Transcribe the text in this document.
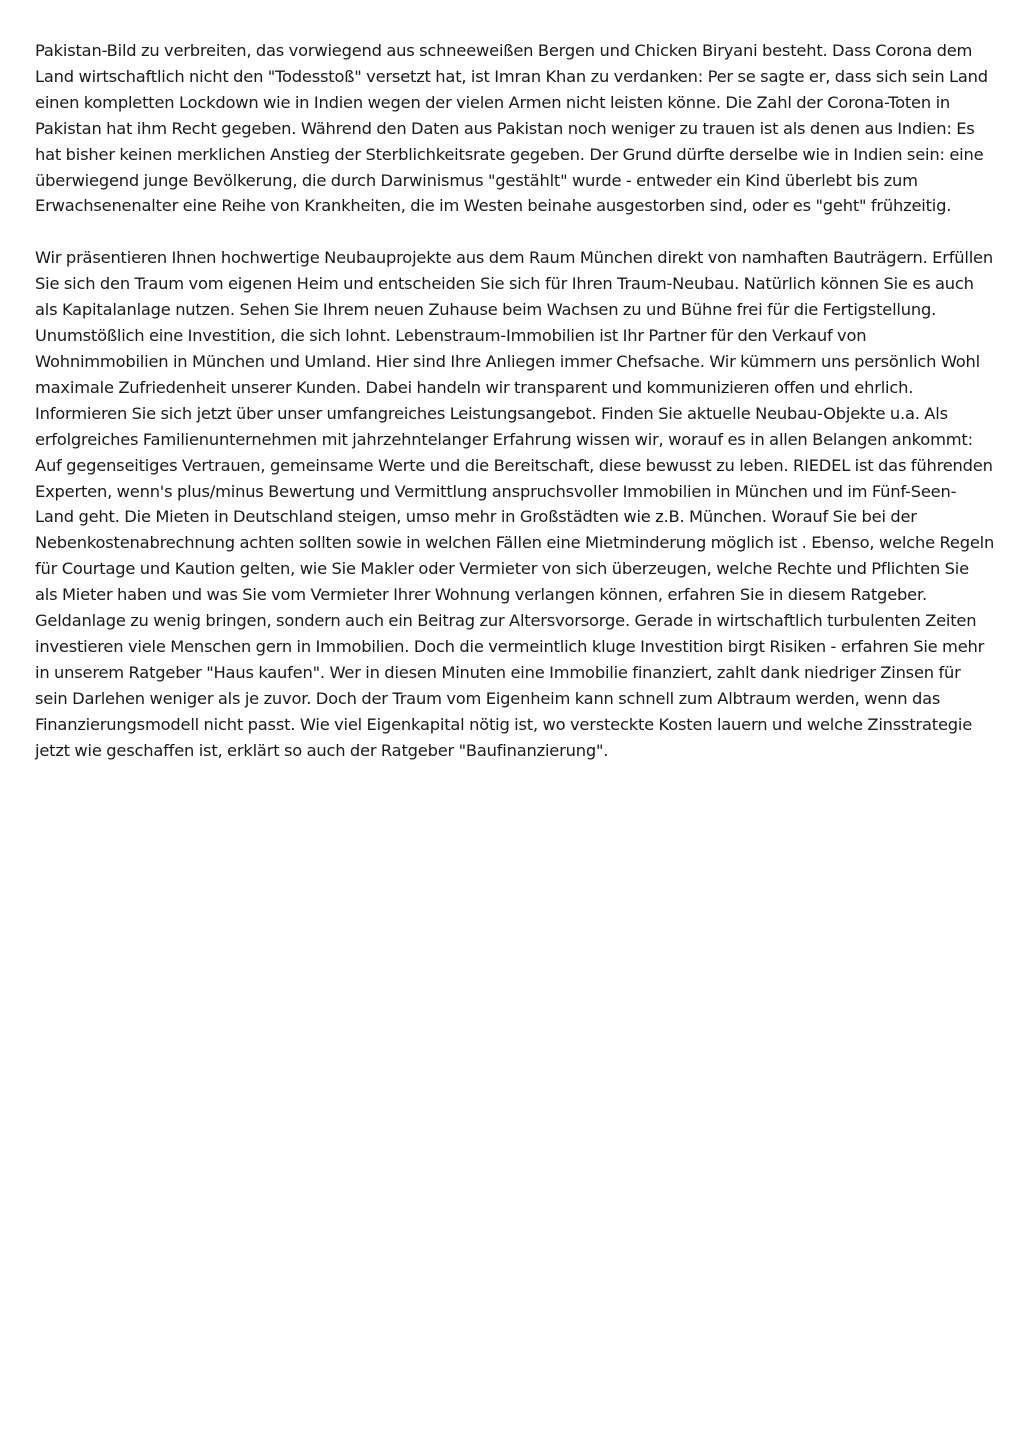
Pakistan-Bild zu verbreiten, das vorwiegend aus schneeweißen Bergen und Chicken Biryani besteht. Dass Corona dem Land wirtschaftlich nicht den "Todesstoß" versetzt hat, ist Imran Khan zu verdanken: Per se sagte er, dass sich sein Land einen kompletten Lockdown wie in Indien wegen der vielen Armen nicht leisten könne. Die Zahl der Corona-Toten in Pakistan hat ihm Recht gegeben. Während den Daten aus Pakistan noch weniger zu trauen ist als denen aus Indien: Es hat bisher keinen merklichen Anstieg der Sterblichkeitsrate gegeben. Der Grund dürfte derselbe wie in Indien sein: eine überwiegend junge Bevölkerung, die durch Darwinismus "gestählt" wurde - entweder ein Kind überlebt bis zum Erwachsenenalter eine Reihe von Krankheiten, die im Westen beinahe ausgestorben sind, oder es "geht" frühzeitig.

Wir präsentieren Ihnen hochwertige Neubauprojekte aus dem Raum München direkt von namhaften Bauträgern. Erfüllen Sie sich den Traum vom eigenen Heim und entscheiden Sie sich für Ihren Traum-Neubau. Natürlich können Sie es auch als Kapitalanlage nutzen. Sehen Sie Ihrem neuen Zuhause beim Wachsen zu und Bühne frei für die Fertigstellung. Unumstößlich eine Investition, die sich lohnt. Lebenstraum-Immobilien ist Ihr Partner für den Verkauf von Wohnimmobilien in München und Umland. Hier sind Ihre Anliegen immer Chefsache. Wir kümmern uns persönlich Wohl maximale Zufriedenheit unserer Kunden. Dabei handeln wir transparent und kommunizieren offen und ehrlich. Informieren Sie sich jetzt über unser umfangreiches Leistungsangebot. Finden Sie aktuelle Neubau-Objekte u.a. Als erfolgreiches Familienunternehmen mit jahrzehntelanger Erfahrung wissen wir, worauf es in allen Belangen ankommt: Auf gegenseitiges Vertrauen, gemeinsame Werte und die Bereitschaft, diese bewusst zu leben. RIEDEL ist das führenden Experten, wenn's plus/minus Bewertung und Vermittlung anspruchsvoller Immobilien in München und im Fünf-Seen-Land geht. Die Mieten in Deutschland steigen, umso mehr in Großstädten wie z.B. München. Worauf Sie bei der Nebenkostenabrechnung achten sollten sowie in welchen Fällen eine Mietminderung möglich ist . Ebenso, welche Regeln für Courtage und Kaution gelten, wie Sie Makler oder Vermieter von sich überzeugen, welche Rechte und Pflichten Sie als Mieter haben und was Sie vom Vermieter Ihrer Wohnung verlangen können, erfahren Sie in diesem Ratgeber. Geldanlage zu wenig bringen, sondern auch ein Beitrag zur Altersvorsorge. Gerade in wirtschaftlich turbulenten Zeiten investieren viele Menschen gern in Immobilien. Doch die vermeintlich kluge Investition birgt Risiken - erfahren Sie mehr in unserem Ratgeber "Haus kaufen". Wer in diesen Minuten eine Immobilie finanziert, zahlt dank niedriger Zinsen für sein Darlehen weniger als je zuvor. Doch der Traum vom Eigenheim kann schnell zum Albtraum werden, wenn das Finanzierungsmodell nicht passt. Wie viel Eigenkapital nötig ist, wo versteckte Kosten lauern und welche Zinsstrategie jetzt wie geschaffen ist, erklärt so auch der Ratgeber "Baufinanzierung".
